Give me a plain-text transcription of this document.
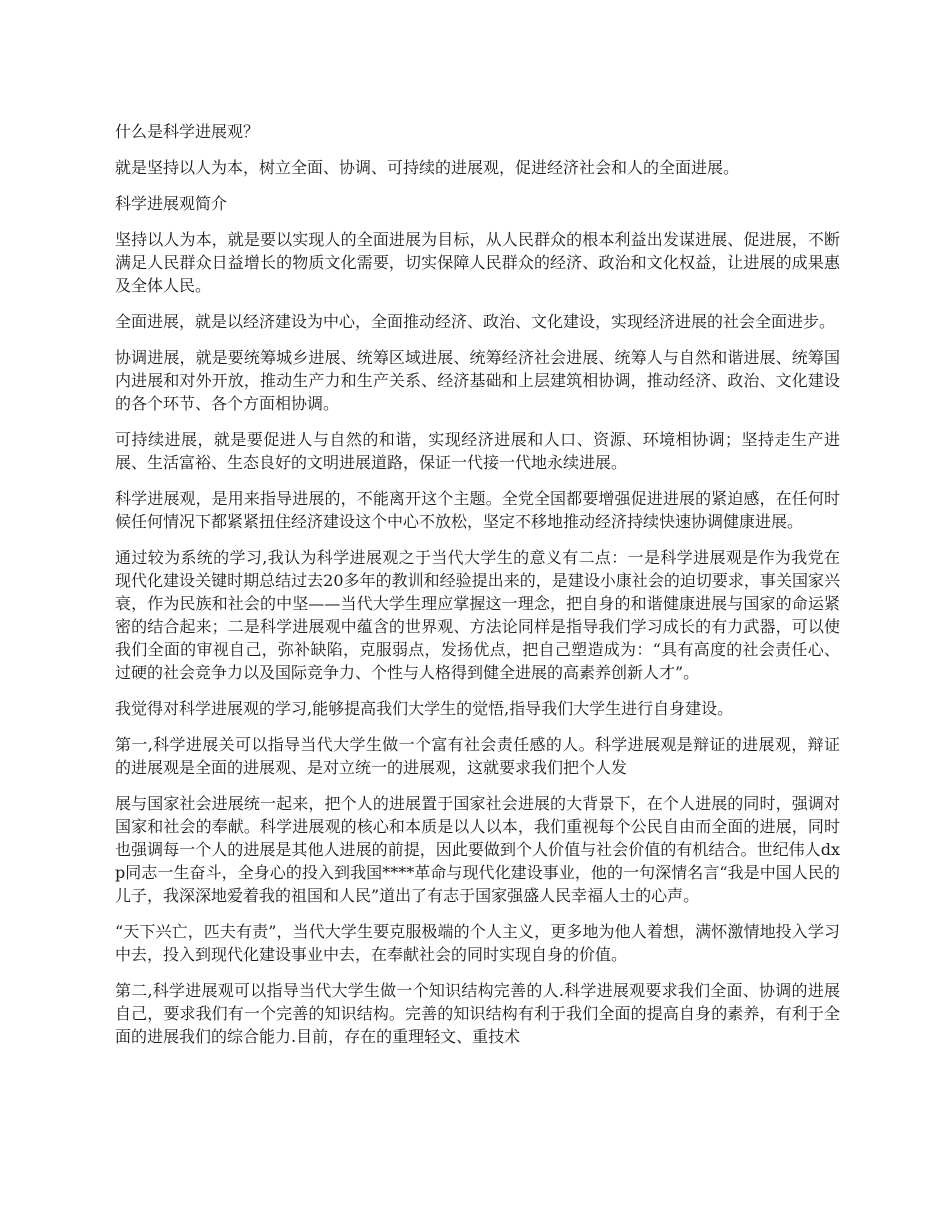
什么是科学进展观？

就是坚持以人为本，树立全面、协调、可持续的进展观，促进经济社会和人的全面进展。

科学进展观简介

坚持以人为本，就是要以实现人的全面进展为目标，从人民群众的根本利益出发谋进展、促进展，不断满足人民群众日益增长的物质文化需要，切实保障人民群众的经济、政治和文化权益，让进展的成果惠及全体人民。

全面进展，就是以经济建设为中心，全面推动经济、政治、文化建设，实现经济进展的社会全面进步。

协调进展，就是要统筹城乡进展、统筹区域进展、统筹经济社会进展、统筹人与自然和谐进展、统筹国内进展和对外开放，推动生产力和生产关系、经济基础和上层建筑相协调，推动经济、政治、文化建设的各个环节、各个方面相协调。

可持续进展，就是要促进人与自然的和谐，实现经济进展和人口、资源、环境相协调；坚持走生产进展、生活富裕、生态良好的文明进展道路，保证一代接一代地永续进展。

科学进展观，是用来指导进展的，不能离开这个主题。全党全国都要增强促进进展的紧迫感，在任何时候任何情况下都紧紧扭住经济建设这个中心不放松，坚定不移地推动经济持续快速协调健康进展。

通过较为系统的学习,我认为科学进展观之于当代大学生的意义有二点：一是科学进展观是作为我党在现代化建设关键时期总结过去20多年的教训和经验提出来的，是建设小康社会的迫切要求，事关国家兴衰，作为民族和社会的中坚——当代大学生理应掌握这一理念，把自身的和谐健康进展与国家的命运紧密的结合起来；二是科学进展观中蕴含的世界观、方法论同样是指导我们学习成长的有力武器，可以使我们全面的审视自己，弥补缺陷，克服弱点，发扬优点，把自己塑造成为：“具有高度的社会责任心、过硬的社会竞争力以及国际竞争力、个性与人格得到健全进展的高素养创新人才”。

我觉得对科学进展观的学习,能够提高我们大学生的觉悟,指导我们大学生进行自身建设。

第一,科学进展关可以指导当代大学生做一个富有社会责任感的人。科学进展观是辩证的进展观，辩证的进展观是全面的进展观、是对立统一的进展观，这就要求我们把个人发

展与国家社会进展统一起来，把个人的进展置于国家社会进展的大背景下，在个人进展的同时，强调对国家和社会的奉献。科学进展观的核心和本质是以人以本，我们重视每个公民自由而全面的进展，同时也强调每一个人的进展是其他人进展的前提，因此要做到个人价值与社会价值的有机结合。世纪伟人dxp同志一生奋斗，全身心的投入到我国****革命与现代化建设事业，他的一句深情名言“我是中国人民的儿子，我深深地爱着我的祖国和人民”道出了有志于国家强盛人民幸福人士的心声。

“天下兴亡，匹夫有责”，当代大学生要克服极端的个人主义，更多地为他人着想，满怀激情地投入学习中去，投入到现代化建设事业中去，在奉献社会的同时实现自身的价值。

第二,科学进展观可以指导当代大学生做一个知识结构完善的人.科学进展观要求我们全面、协调的进展自己，要求我们有一个完善的知识结构。完善的知识结构有利于我们全面的提高自身的素养，有利于全面的进展我们的综合能力.目前，存在的重理轻文、重技术
